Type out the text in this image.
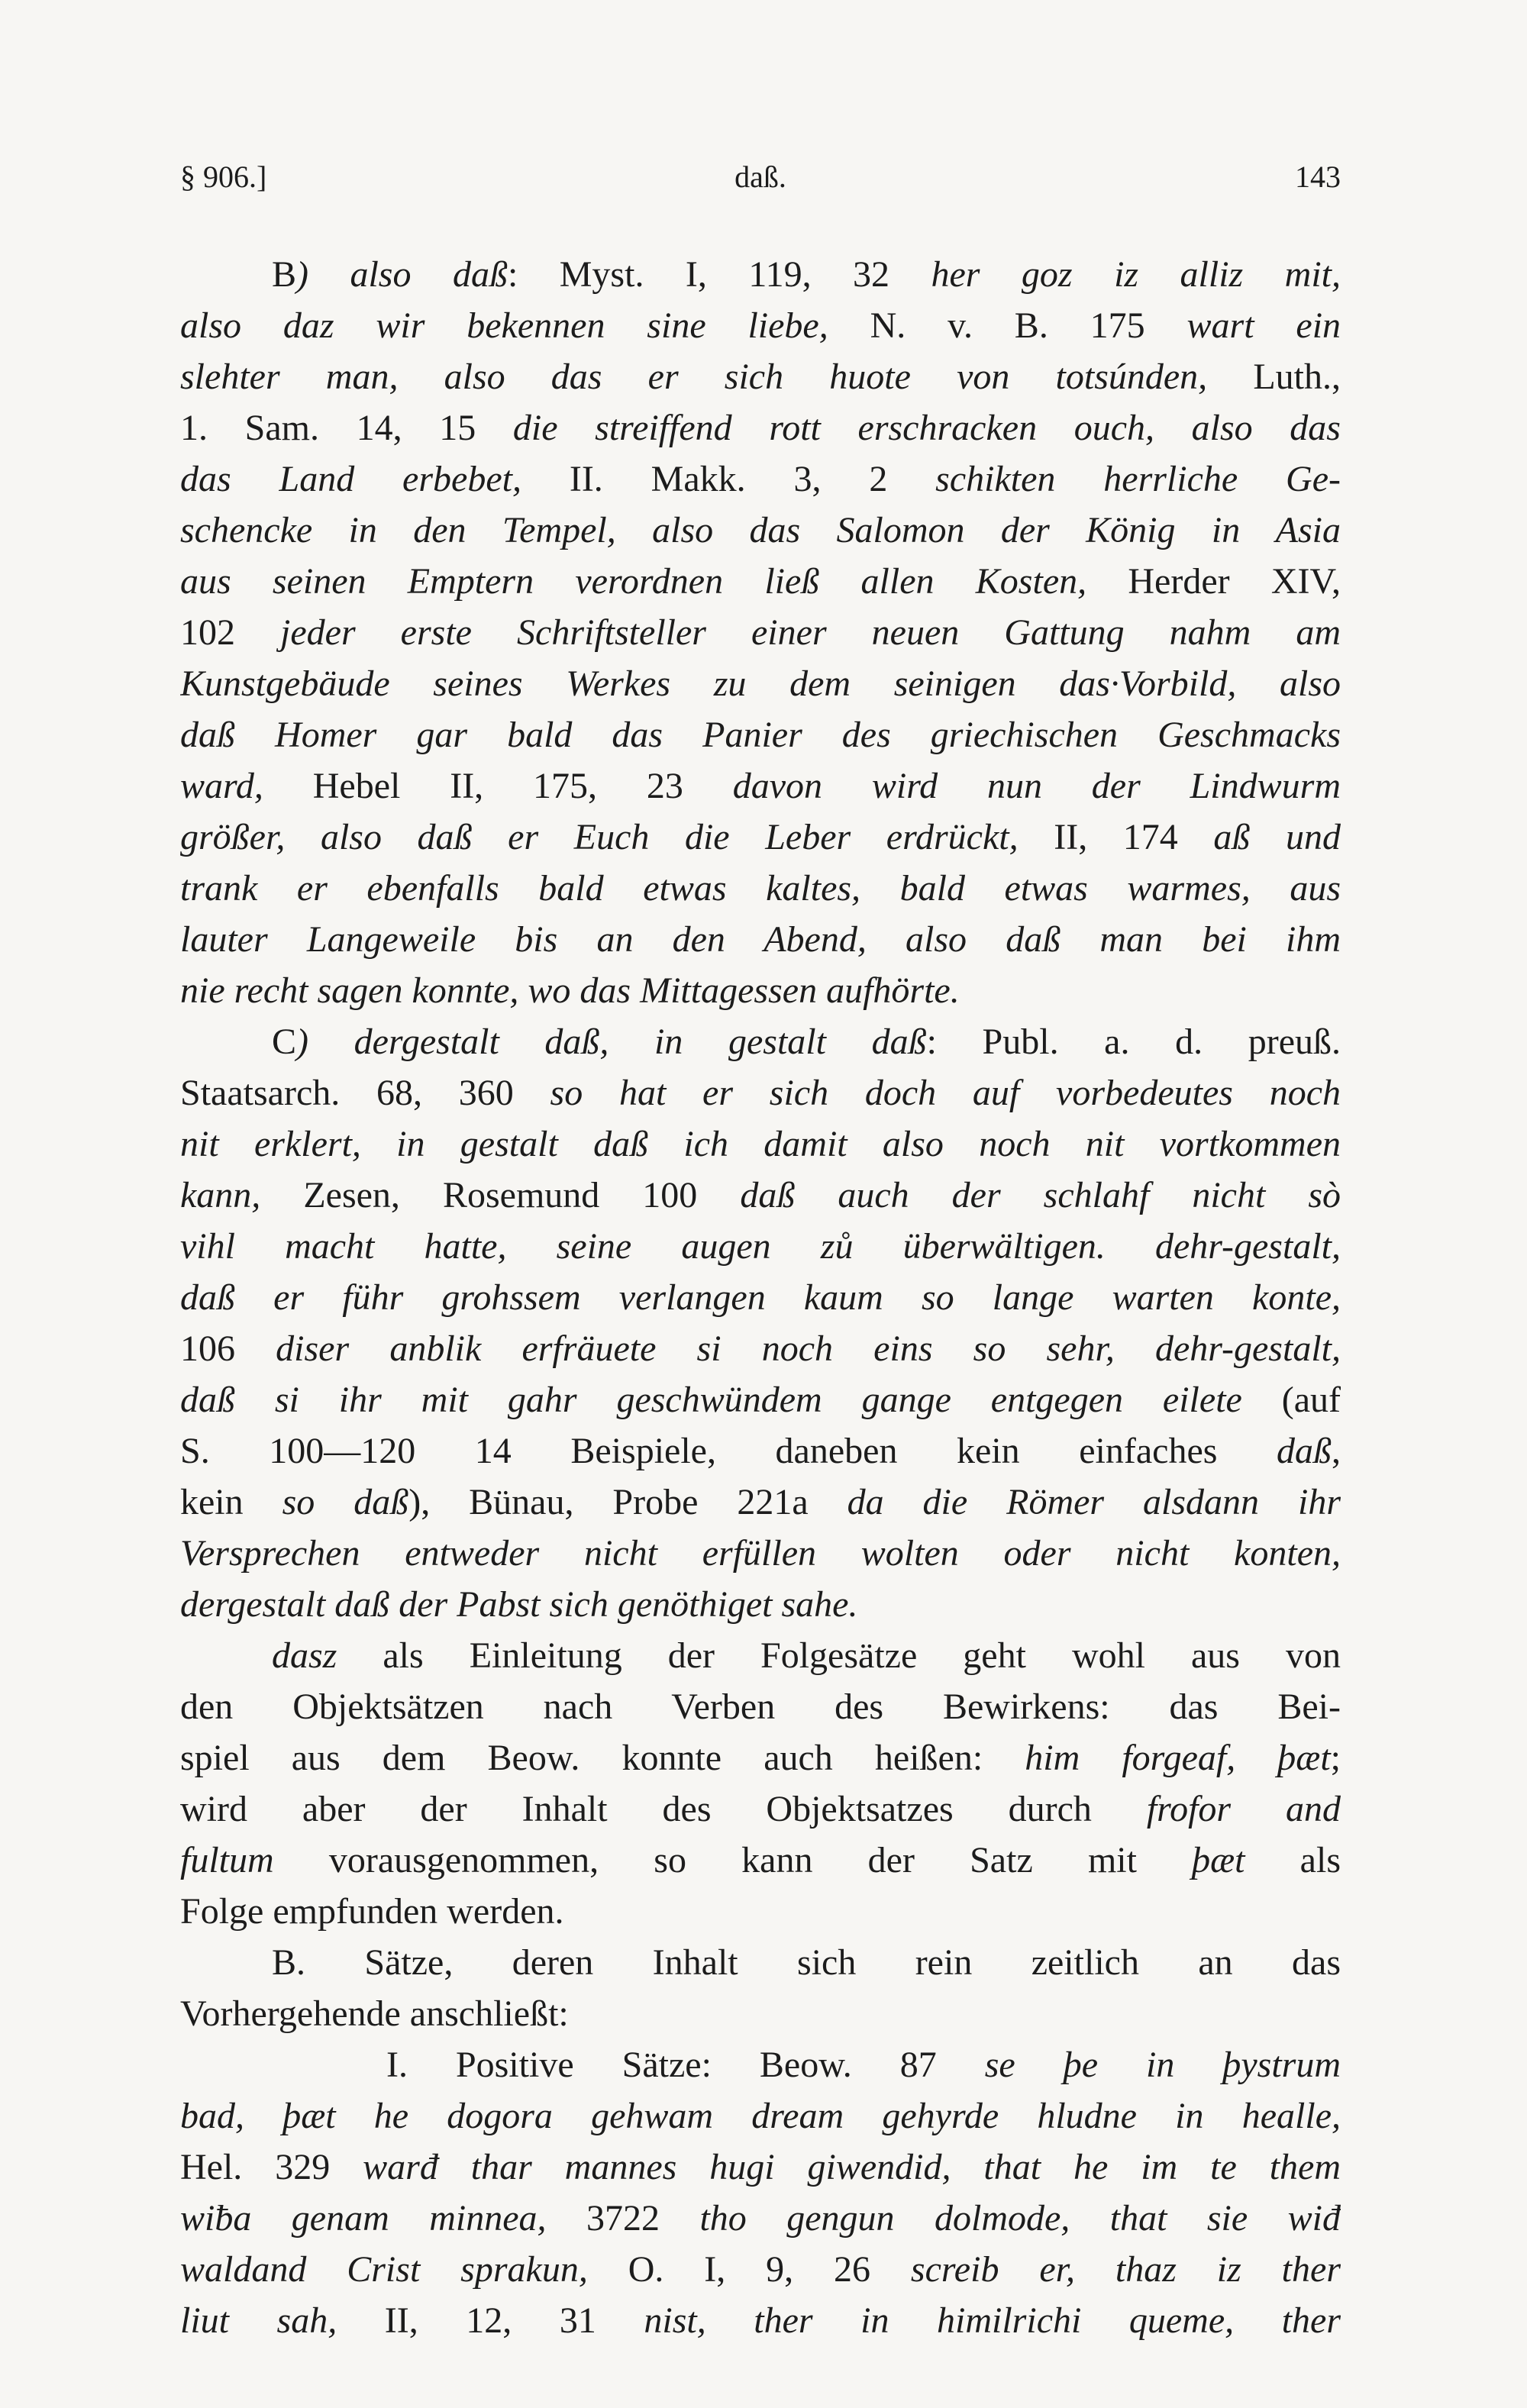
§ 906.]	daß.	143
B) also daß: Myst. I, 119, 32 her goz iz alliz mit,
also daz wir bekennen sine liebe, N. v. B. 175 wart ein
slehter man, also das er sich huote von totsúnden, Luth.,
1. Sam. 14, 15 die streiffend rott erschracken ouch, also das
das Land erbebet, II. Makk. 3, 2 schikten herrliche Ge-
schencke in den Tempel, also das Salomon der König in Asia
aus seinen Emptern verordnen ließ allen Kosten, Herder XIV,
102 jeder erste Schriftsteller einer neuen Gattung nahm am
Kunstgebäude seines Werkes zu dem seinigen das·Vorbild, also
daß Homer gar bald das Panier des griechischen Geschmacks
ward, Hebel II, 175, 23 davon wird nun der Lindwurm
größer, also daß er Euch die Leber erdrückt, II, 174 aß und
trank er ebenfalls bald etwas kaltes, bald etwas warmes, aus
lauter Langeweile bis an den Abend, also daß man bei ihm
nie recht sagen konnte, wo das Mittagessen aufhörte.
C) dergestalt daß, in gestalt daß: Publ. a. d. preuß.
Staatsarch. 68, 360 so hat er sich doch auf vorbedeutes noch
nit erklert, in gestalt daß ich damit also noch nit vortkommen
kann, Zesen, Rosemund 100 daß auch der schlahf nicht sò
vihl macht hatte, seine augen zů überwältigen. dehr-gestalt,
daß er führ grohssem verlangen kaum so lange warten konte,
106 diser anblik erfräuete si noch eins so sehr, dehr-gestalt,
daß si ihr mit gahr geschwündem gange entgegen eilete (auf
S. 100—120 14 Beispiele, daneben kein einfaches daß,
kein so daß), Bünau, Probe 221a da die Römer alsdann ihr
Versprechen entweder nicht erfüllen wolten oder nicht konten,
dergestalt daß der Pabst sich genöthiget sahe.
dasz als Einleitung der Folgesätze geht wohl aus von
den Objektsätzen nach Verben des Bewirkens: das Bei-
spiel aus dem Beow. konnte auch heißen: him forgeaf, þæt;
wird aber der Inhalt des Objektsatzes durch frofor and
fultum vorausgenommen, so kann der Satz mit þæt als
Folge empfunden werden.
B. Sätze, deren Inhalt sich rein zeitlich an das
Vorhergehende anschließt:
I. Positive Sätze: Beow. 87 se þe in þystrum
bad, þæt he dogora gehwam dream gehyrde hludne in healle,
Hel. 329 warđ thar mannes hugi giwendid, that he im te them
wiƀa genam minnea, 3722 tho gengun dolmode, that sie wiđ
waldand Crist sprakun, O. I, 9, 26 screib er, thaz iz ther
liut sah, II, 12, 31 nist, ther in himilrichi queme, ther
